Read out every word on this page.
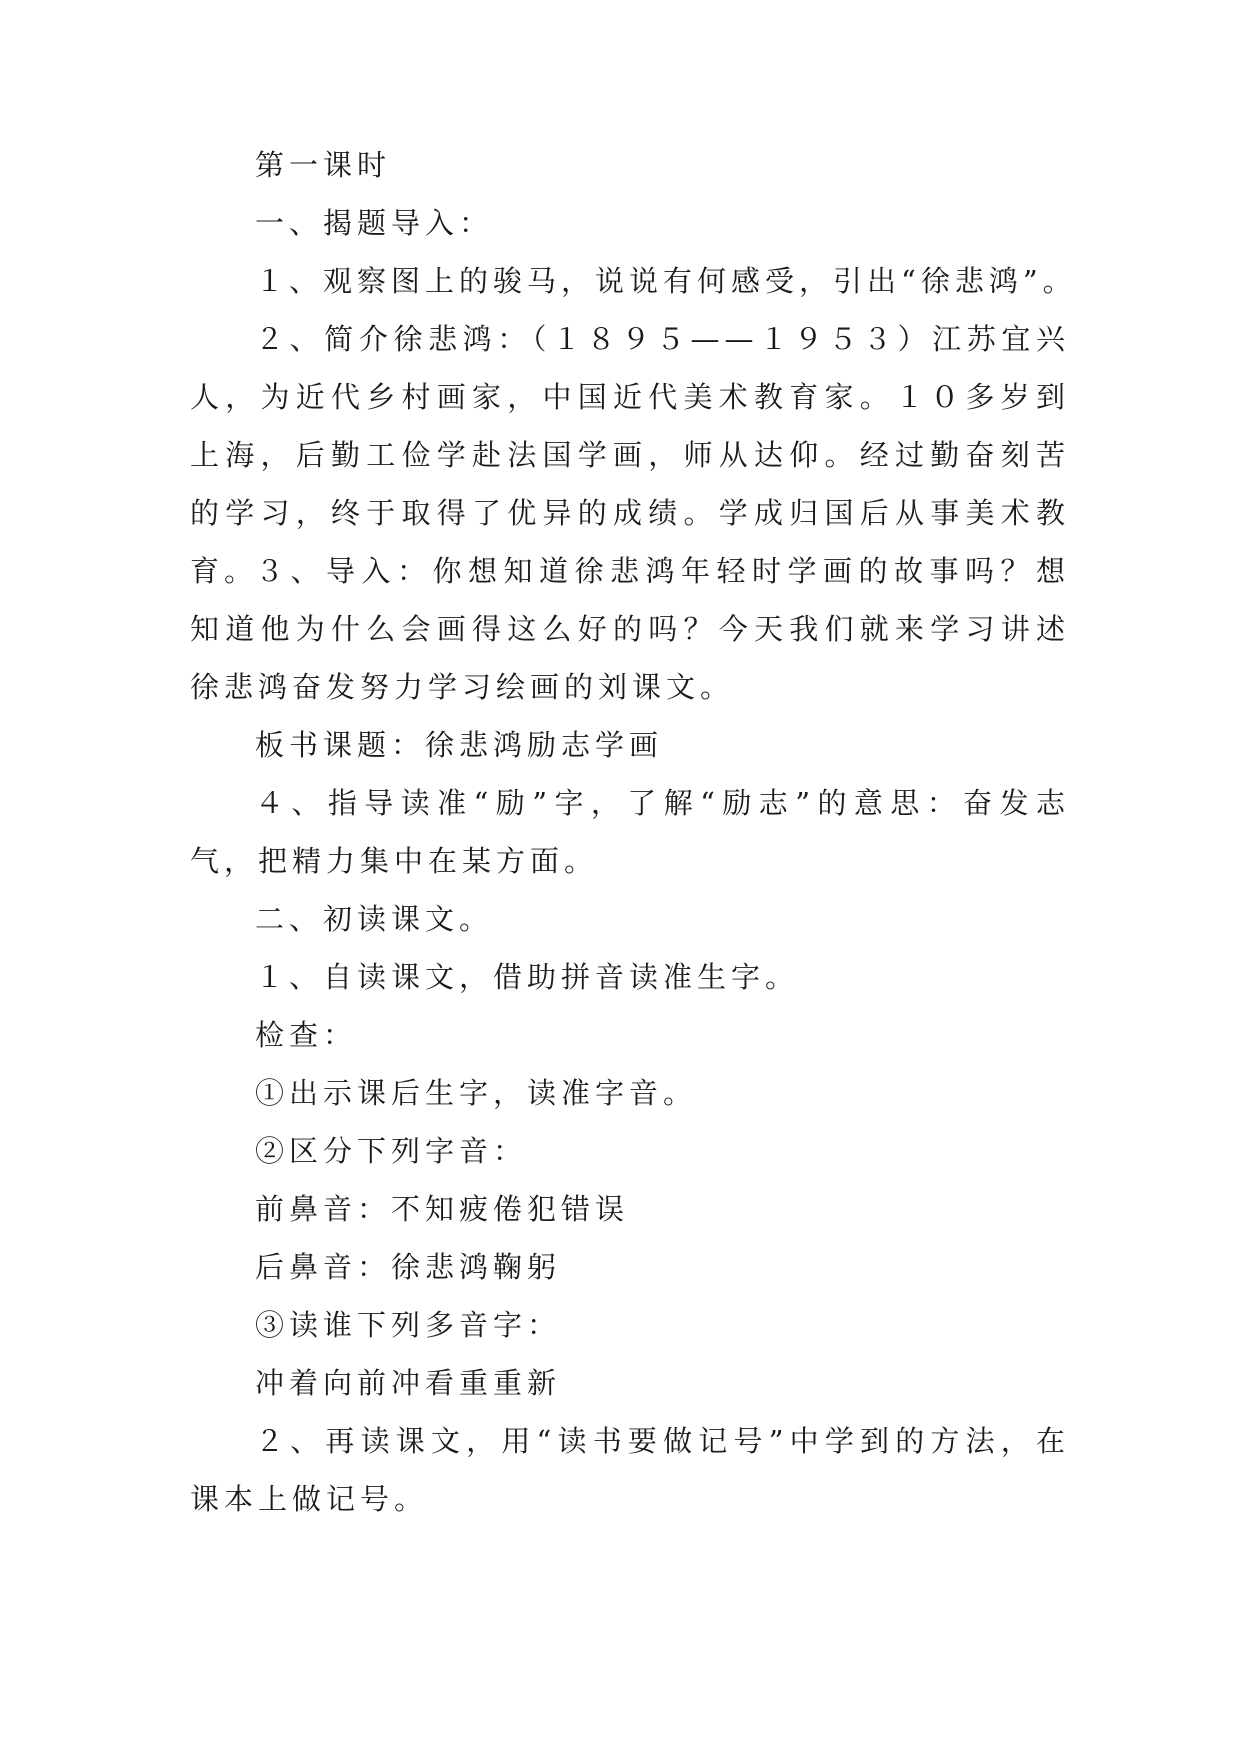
第一课时

一、揭题导入：

１、观察图上的骏马，说说有何感受，引出“徐悲鸿”。

２、简介徐悲鸿：（１８９５——１９５３）江苏宜兴人，为近代乡村画家，中国近代美术教育家。１０多岁到上海，后勤工俭学赴法国学画，师从达仰。经过勤奋刻苦的学习，终于取得了优异的成绩。学成归国后从事美术教育。

３、导入：你想知道徐悲鸿年轻时学画的故事吗？想知道他为什么会画得这么好的吗？今天我们就来学习讲述徐悲鸿奋发努力学习绘画的刘课文。

板书课题：徐悲鸿励志学画

４、指导读准“励”字，了解“励志”的意思：奋发志气，把精力集中在某方面。

二、初读课文。

１、自读课文，借助拼音读准生字。

检查：

①出示课后生字，读准字音。

②区分下列字音：

前鼻音：不知疲倦犯错误

后鼻音：徐悲鸿鞠躬

③读谁下列多音字：

冲着向前冲看重重新

２、再读课文，用“读书要做记号”中学到的方法，在课本上做记号。
